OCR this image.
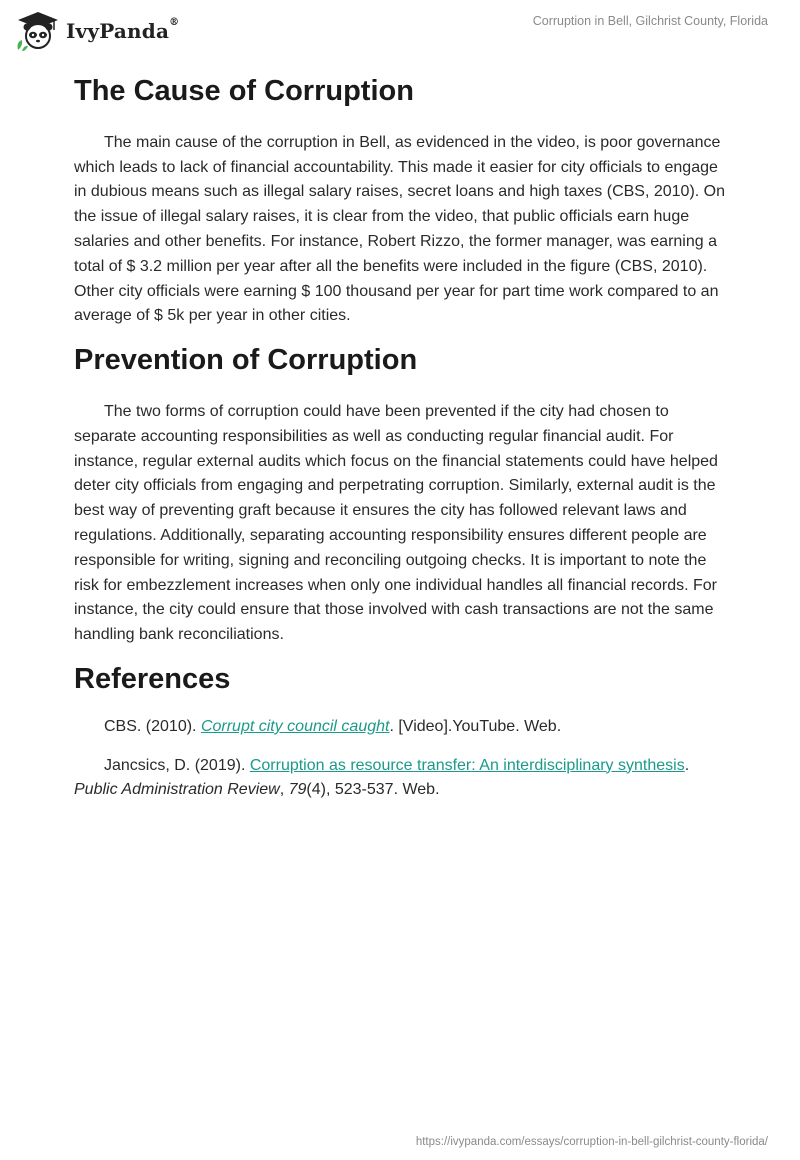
IvyPanda®	Corruption in Bell, Gilchrist County, Florida
The Cause of Corruption

The main cause of the corruption in Bell, as evidenced in the video, is poor governance which leads to lack of financial accountability. This made it easier for city officials to engage in dubious means such as illegal salary raises, secret loans and high taxes (CBS, 2010). On the issue of illegal salary raises, it is clear from the video, that public officials earn huge salaries and other benefits. For instance, Robert Rizzo, the former manager, was earning a total of $ 3.2 million per year after all the benefits were included in the figure (CBS, 2010). Other city officials were earning $ 100 thousand per year for part time work compared to an average of $ 5k per year in other cities.

Prevention of Corruption

The two forms of corruption could have been prevented if the city had chosen to separate accounting responsibilities as well as conducting regular financial audit. For instance, regular external audits which focus on the financial statements could have helped deter city officials from engaging and perpetrating corruption. Similarly, external audit is the best way of preventing graft because it ensures the city has followed relevant laws and regulations. Additionally, separating accounting responsibility ensures different people are responsible for writing, signing and reconciling outgoing checks. It is important to note the risk for embezzlement increases when only one individual handles all financial records. For instance, the city could ensure that those involved with cash transactions are not the same handling bank reconciliations.

References

CBS. (2010). Corrupt city council caught. [Video].YouTube. Web.

Jancsics, D. (2019). Corruption as resource transfer: An interdisciplinary synthesis. Public Administration Review, 79(4), 523-537. Web.

https://ivypanda.com/essays/corruption-in-bell-gilchrist-county-florida/
